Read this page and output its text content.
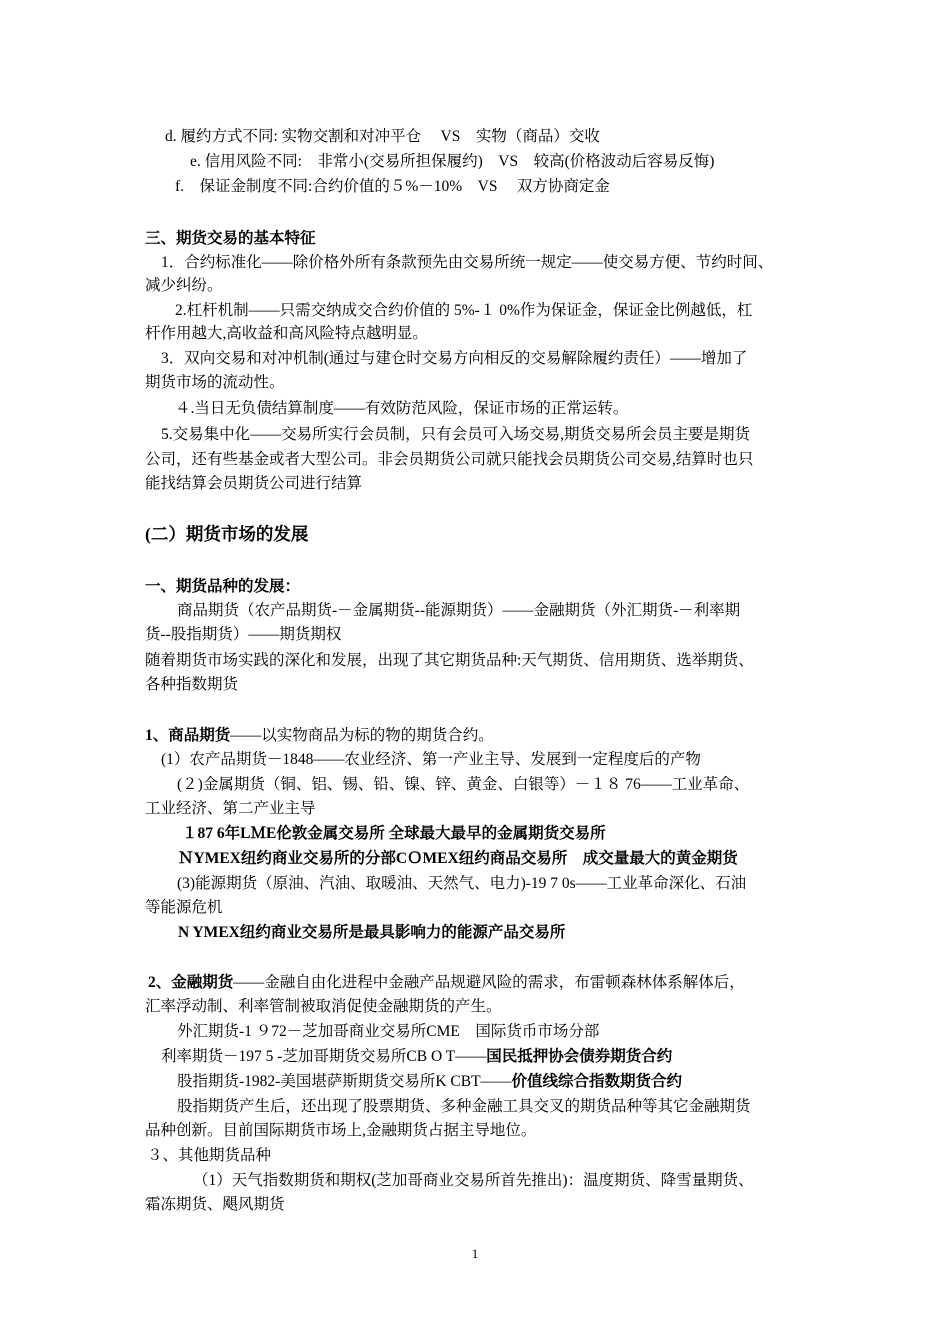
d. 履约方式不同: 实物交割和对冲平仓 　VS　实物（商品）交收
e. 信用风险不同:　非常小(交易所担保履约)　VS　较高(价格波动后容易反悔)
f.　保证金制度不同:合约价值的５%－10%　VS　 双方协商定金
三、期货交易的基本特征
1．合约标准化——除价格外所有条款预先由交易所统一规定——使交易方便、节约时间、
减少纠纷。
2.杠杆机制——只需交纳成交合约价值的 5%-１ 0%作为保证金，保证金比例越低，杠
杆作用越大,高收益和高风险特点越明显。
3．双向交易和对冲机制(通过与建仓时交易方向相反的交易解除履约责任）——增加了
期货市场的流动性。
４.当日无负债结算制度——有效防范风险，保证市场的正常运转。
5.交易集中化——交易所实行会员制，只有会员可入场交易,期货交易所会员主要是期货
公司，还有些基金或者大型公司。非会员期货公司就只能找会员期货公司交易,结算时也只
能找结算会员期货公司进行结算
(二）期货市场的发展
一、期货品种的发展：
商品期货（农产品期货-－金属期货--能源期货）——金融期货（外汇期货-－利率期
货--股指期货）——期货期权
随着期货市场实践的深化和发展，出现了其它期货品种:天气期货、信用期货、选举期货、
各种指数期货
1、商品期货——以实物商品为标的物的期货合约。
(1）农产品期货－1848——农业经济、第一产业主导、发展到一定程度后的产物
(２)金属期货（铜、铝、锡、铅、镍、锌、黄金、白银等）－１８ 76——工业革命、
工业经济、第二产业主导
１87 6年LＭE伦敦金属交易所 全球最大最早的金属期货交易所
ＮYMEX纽约商业交易所的分部CＯMEX纽约商品交易所　成交量最大的黄金期货
(3)能源期货（原油、汽油、取暖油、天然气、电力)-19 7 0s——工业革命深化、石油
等能源危机
N YMEX纽约商业交易所是最具影响力的能源产品交易所
2、金融期货——金融自由化进程中金融产品规避风险的需求，布雷顿森林体系解体后，
汇率浮动制、利率管制被取消促使金融期货的产生。
外汇期货-1 ９72－芝加哥商业交易所CME　国际货币市场分部
利率期货－197 5 -芝加哥期货交易所CB O T——国民抵押协会债券期货合约
股指期货-1982-美国堪萨斯期货交易所K CBT——价值线综合指数期货合约
股指期货产生后，还出现了股票期货、多种金融工具交叉的期货品种等其它金融期货
品种创新。目前国际期货市场上,金融期货占据主导地位。
３、其他期货品种
（1）天气指数期货和期权(芝加哥商业交易所首先推出)：温度期货、降雪量期货、
霜冻期货、飓风期货
1
